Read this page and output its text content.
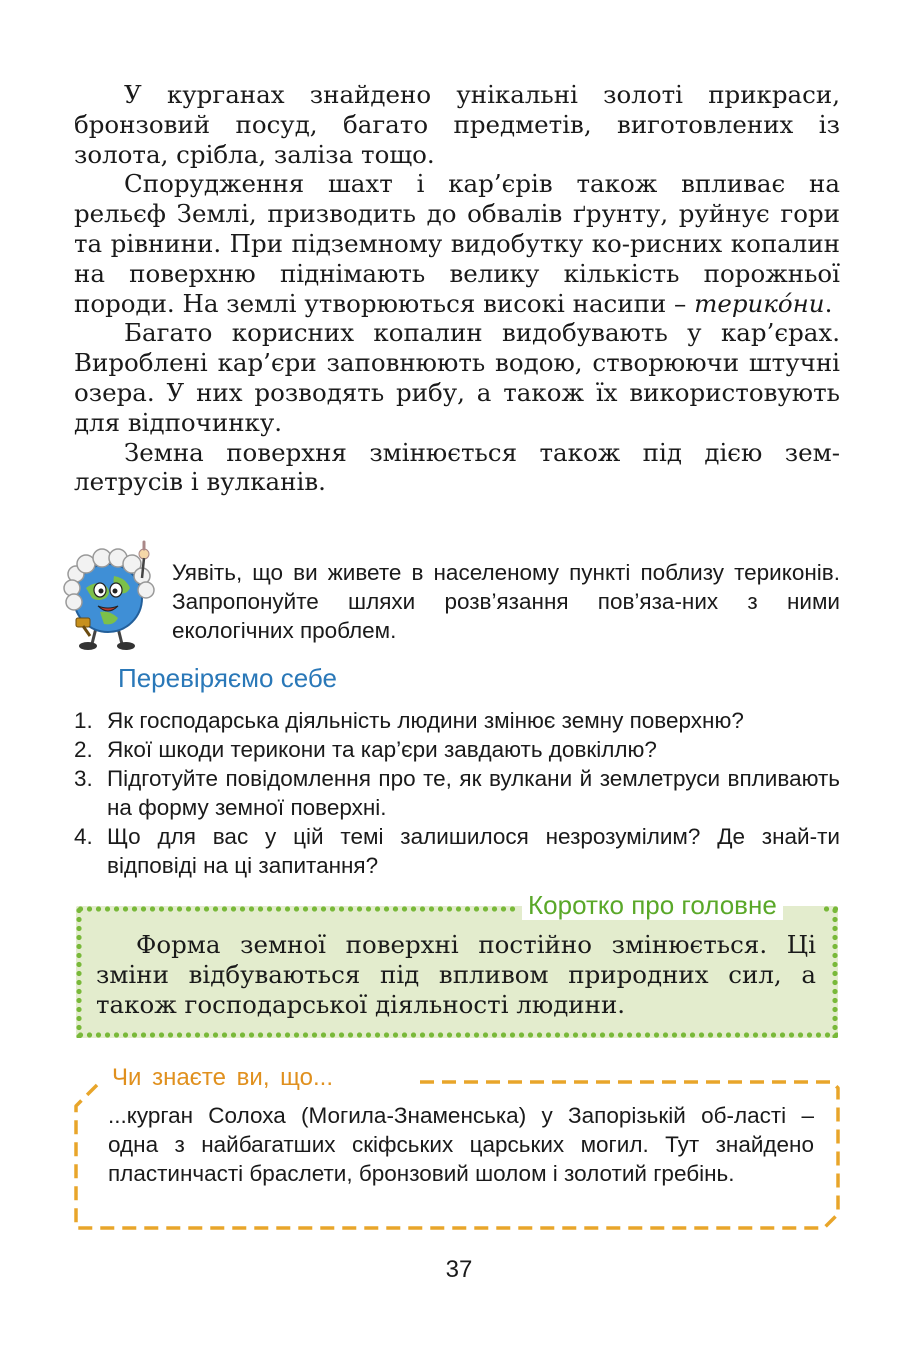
У курганах знайдено унікальні золоті прикраси, бронзовий посуд, багато предметів, виготовлених із золота, срібла, заліза тощо.

Спорудження шахт і кар’єрів також впливає на рельєф Землі, призводить до обвалів ґрунту, руйнує гори та рівнини. При підземному видобутку ко-рисних копалин на поверхню піднімають велику кількість порожньої породи. На землі утворюються високі насипи – терико́ни.

Багато корисних копалин видобувають у кар’єрах. Вироблені кар’єри заповнюють водою, створюючи штучні озера. У них розводять рибу, а також їх використовують для відпочинку.

Земна поверхня змінюється також під дією зем-летрусів і вулканів.

Уявіть, що ви живете в населеному пункті поблизу териконів. Запропонуйте шляхи розв’язання пов’яза-них з ними екологічних проблем.
Перевіряємо себе
1. Як господарська діяльність людини змінює земну поверхню?
2. Якої шкоди терикони та кар’єри завдають довкіллю?
3. Підготуйте повідомлення про те, як вулкани й землетруси впливають на форму земної поверхні.
4. Що для вас у цій темі залишилося незрозумілим? Де знай-ти відповіді на ці запитання?
Коротко про головне

Форма земної поверхні постійно змінюється. Ці зміни відбуваються під впливом природних сил, а також господарської діяльності людини.

Чи знаєте ви, що...

...курган Солоха (Могила-Знаменська) у Запорізькій об-ласті – одна з найбагатших скіфських царських могил. Тут знайдено пластинчасті браслети, бронзовий шолом і золотий гребінь.

37
